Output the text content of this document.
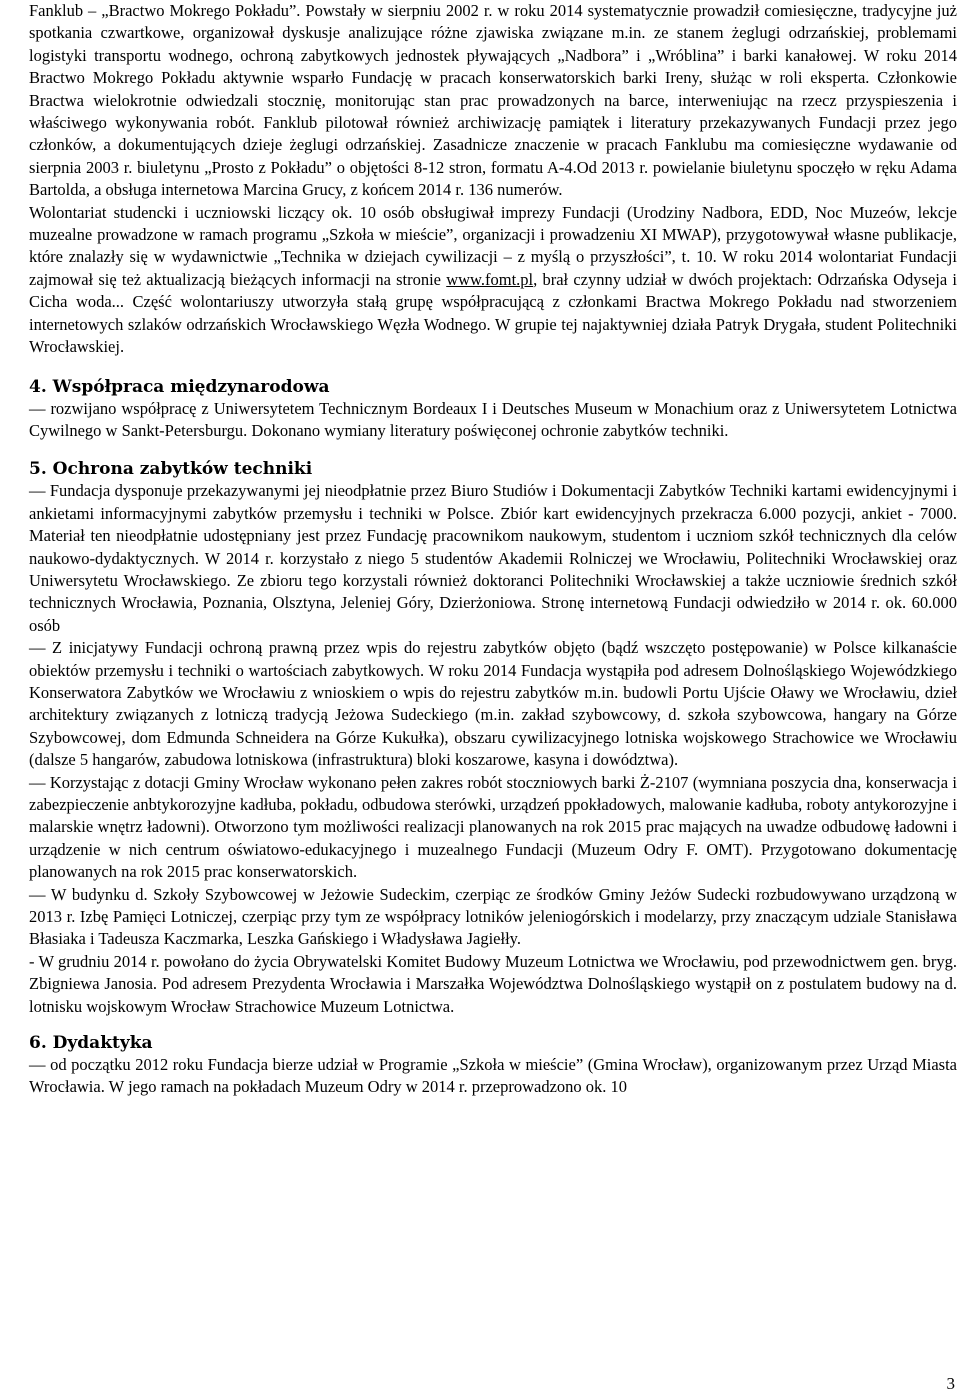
Fanklub – „Bractwo Mokrego Pokładu”. Powstały w sierpniu 2002 r. w roku 2014 systematycznie prowadził comiesięczne, tradycyjne już spotkania czwartkowe, organizował dyskusje analizujące różne zjawiska związane m.in. ze stanem żeglugi odrzańskiej, problemami logistyki transportu wodnego, ochroną zabytkowych jednostek pływających „Nadbora” i „Wróblina” i barki kanałowej. W roku 2014 Bractwo Mokrego Pokładu aktywnie wsparło Fundację w pracach konserwatorskich barki Ireny, służąc w roli eksperta. Członkowie Bractwa wielokrotnie odwiedzali stocznię, monitorując stan prac prowadzonych na barce, interweniując na rzecz przyspieszenia i właściwego wykonywania robót. Fanklub pilotował również archiwizację pamiątek i literatury przekazywanych Fundacji przez jego członków, a dokumentujących dzieje żeglugi odrzańskiej. Zasadnicze znaczenie w pracach Fanklubu ma comiesięczne wydawanie od sierpnia 2003 r. biuletynu „Prosto z Pokładu” o objętości 8-12 stron, formatu A-4.Od 2013 r. powielanie biuletynu spoczęło w ręku Adama Bartolda, a obsługa internetowa Marcina Grucy, z końcem 2014 r. 136 numerów.

Wolontariat studencki i uczniowski liczący ok. 10 osób obsługiwał imprezy Fundacji (Urodziny Nadbora, EDD, Noc Muzeów, lekcje muzealne prowadzone w ramach programu „Szkoła w mieście”, organizacji i prowadzeniu XI MWAP), przygotowywał własne publikacje, które znalazły się w wydawnictwie „Technika w dziejach cywilizacji – z myślą o przyszłości”, t. 10. W roku 2014 wolontariat Fundacji zajmował się też aktualizacją bieżących informacji na stronie www.fomt.pl, brał czynny udział w dwóch projektach: Odrzańska Odyseja i Cicha woda... Część wolontariuszy utworzyła stałą grupę współpracującą z członkami Bractwa Mokrego Pokładu nad stworzeniem internetowych szlaków odrzańskich Wrocławskiego Węzła Wodnego. W grupie tej najaktywniej działa Patryk Drygała, student Politechniki Wrocławskiej.

4. Współpraca międzynarodowa

— rozwijano współpracę z Uniwersytetem Technicznym Bordeaux I i Deutsches Museum w Monachium oraz z Uniwersytetem Lotnictwa Cywilnego w Sankt-Petersburgu. Dokonano wymiany literatury poświęconej ochronie zabytków techniki.

5. Ochrona zabytków techniki

— Fundacja dysponuje przekazywanymi jej nieodpłatnie przez Biuro Studiów i Dokumentacji Zabytków Techniki kartami ewidencyjnymi i ankietami informacyjnymi zabytków przemysłu i techniki w Polsce. Zbiór kart ewidencyjnych przekracza 6.000 pozycji, ankiet - 7000. Materiał ten nieodpłatnie udostępniany jest przez Fundację pracownikom naukowym, studentom i uczniom szkół technicznych dla celów naukowo-dydaktycznych. W 2014 r. korzystało z niego 5 studentów Akademii Rolniczej we Wrocławiu, Politechniki Wrocławskiej oraz Uniwersytetu Wrocławskiego. Ze zbioru tego korzystali również doktoranci Politechniki Wrocławskiej a także uczniowie średnich szkół technicznych Wrocławia, Poznania, Olsztyna, Jeleniej Góry, Dzierżoniowa. Stronę internetową Fundacji odwiedziło w 2014 r. ok. 60.000 osób

— Z inicjatywy Fundacji ochroną prawną przez wpis do rejestru zabytków objęto (bądź wszczęto postępowanie) w Polsce kilkanaście obiektów przemysłu i techniki o wartościach zabytkowych. W roku 2014 Fundacja wystąpiła pod adresem Dolnośląskiego Wojewódzkiego Konserwatora Zabytków we Wrocławiu z wnioskiem o wpis do rejestru zabytków m.in. budowli Portu Ujście Oławy we Wrocławiu, dzieł architektury związanych z lotniczą tradycją Jeżowa Sudeckiego (m.in. zakład szybowcowy, d. szkoła szybowcowa, hangary na Górze Szybowcowej, dom Edmunda Schneidera na Górze Kukułka), obszaru cywilizacyjnego lotniska wojskowego Strachowice we Wrocławiu (dalsze 5 hangarów, zabudowa lotniskowa (infrastruktura) bloki koszarowe, kasyna i dowództwa).

— Korzystając z dotacji Gminy Wrocław wykonano pełen zakres robót stoczniowych barki Ż-2107 (wymniana poszycia dna, konserwacja i zabezpieczenie anbtykorozyjne kadłuba, pokładu, odbudowa sterówki, urządzeń ppokładowych, malowanie kadłuba, roboty antykorozyjne i malarskie wnętrz ładowni). Otworzono tym możliwości realizacji planowanych na rok 2015 prac mających na uwadze odbudowę ładowni i urządzenie w nich centrum oświatowo-edukacyjnego i muzealnego Fundacji (Muzeum Odry F. OMT). Przygotowano dokumentację planowanych na rok 2015 prac konserwatorskich.

— W budynku d. Szkoły Szybowcowej w Jeżowie Sudeckim, czerpiąc ze środków Gminy Jeżów Sudecki rozbudowywano urządzoną w 2013 r. Izbę Pamięci Lotniczej, czerpiąc przy tym ze współpracy lotników jeleniogórskich i modelarzy, przy znaczącym udziale Stanisława Błasiaka i Tadeusza Kaczmarka, Leszka Gańskiego i Władysława Jagiełły.

- W grudniu 2014 r. powołano do życia Obrywatelski Komitet Budowy Muzeum Lotnictwa we Wrocławiu, pod przewodnictwem gen. bryg. Zbigniewa Janosia. Pod adresem Prezydenta Wrocławia i Marszałka Województwa Dolnośląskiego wystąpił on z postulatem budowy na d. lotnisku wojskowym Wrocław Strachowice Muzeum Lotnictwa.

6. Dydaktyka

— od początku 2012 roku Fundacja bierze udział w Programie „Szkoła w mieście” (Gmina Wrocław), organizowanym przez Urząd Miasta Wrocławia. W jego ramach na pokładach Muzeum Odry w 2014 r. przeprowadzono ok. 10

3
